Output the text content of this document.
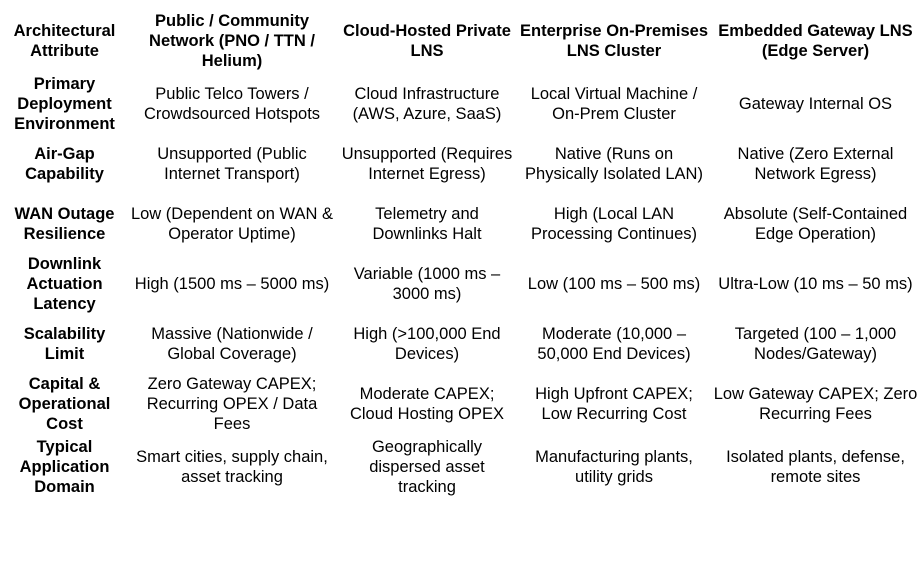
Architectural Attribute	Public / Community Network (PNO / TTN / Helium)	Cloud-Hosted Private LNS	Enterprise On-Premises LNS Cluster	Embedded Gateway LNS (Edge Server)
Primary Deployment Environment	Public Telco Towers / Crowdsourced Hotspots	Cloud Infrastructure (AWS, Azure, SaaS)	Local Virtual Machine / On-Prem Cluster	Gateway Internal OS
Air-Gap Capability	Unsupported (Public Internet Transport)	Unsupported (Requires Internet Egress)	Native (Runs on Physically Isolated LAN)	Native (Zero External Network Egress)
WAN Outage Resilience	Low (Dependent on WAN & Operator Uptime)	Telemetry and Downlinks Halt	High (Local LAN Processing Continues)	Absolute (Self-Contained Edge Operation)
Downlink Actuation Latency	High (1500 ms – 5000 ms)	Variable (1000 ms – 3000 ms)	Low (100 ms – 500 ms)	Ultra-Low (10 ms – 50 ms)
Scalability Limit	Massive (Nationwide / Global Coverage)	High (>100,000 End Devices)	Moderate (10,000 – 50,000 End Devices)	Targeted (100 – 1,000 Nodes/Gateway)
Capital & Operational Cost	Zero Gateway CAPEX; Recurring OPEX / Data Fees	Moderate CAPEX; Cloud Hosting OPEX	High Upfront CAPEX; Low Recurring Cost	Low Gateway CAPEX; Zero Recurring Fees
Typical Application Domain	Smart cities, supply chain, asset tracking	Geographically dispersed asset tracking	Manufacturing plants, utility grids	Isolated plants, defense, remote sites
